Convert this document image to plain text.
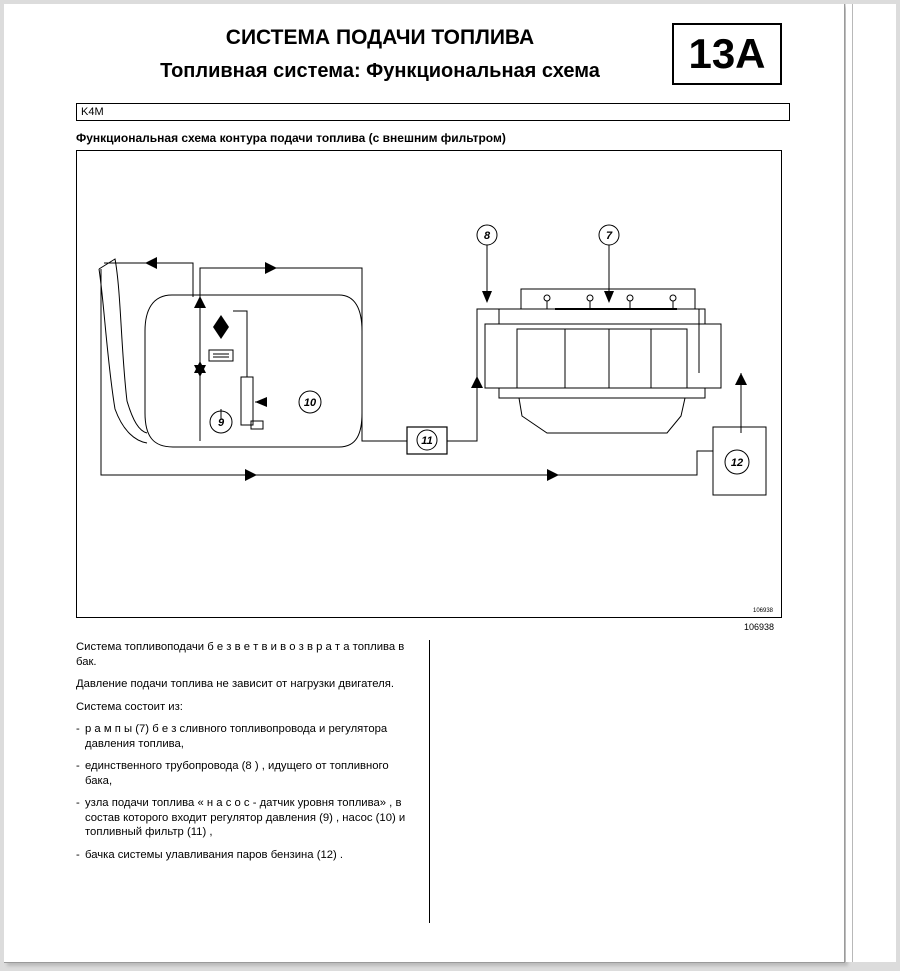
СИСТЕМА ПОДАЧИ ТОПЛИВА
Топливная система: Функциональная схема	13A
K4M
Функциональная схема контура подачи топлива (с внешним фильтром)
8	7
10
9
11
12
106938
106938

Система топливоподачи б е з в е т в и в о з в р а т а топлива в бак.

Давление подачи топлива не зависит от нагрузки двигателя.

Система состоит из:

- р а м п ы (7) б е з сливного топливопровода и регулятора давления топлива,
- единственного трубопровода (8 ) , идущего от топливного бака,
- узла подачи топлива « н а с о с - датчик уровня топлива» , в состав которого входит регулятор давления (9) , насос (10) и топливный фильтр (11) ,
- бачка системы улавливания паров бензина (12) .
